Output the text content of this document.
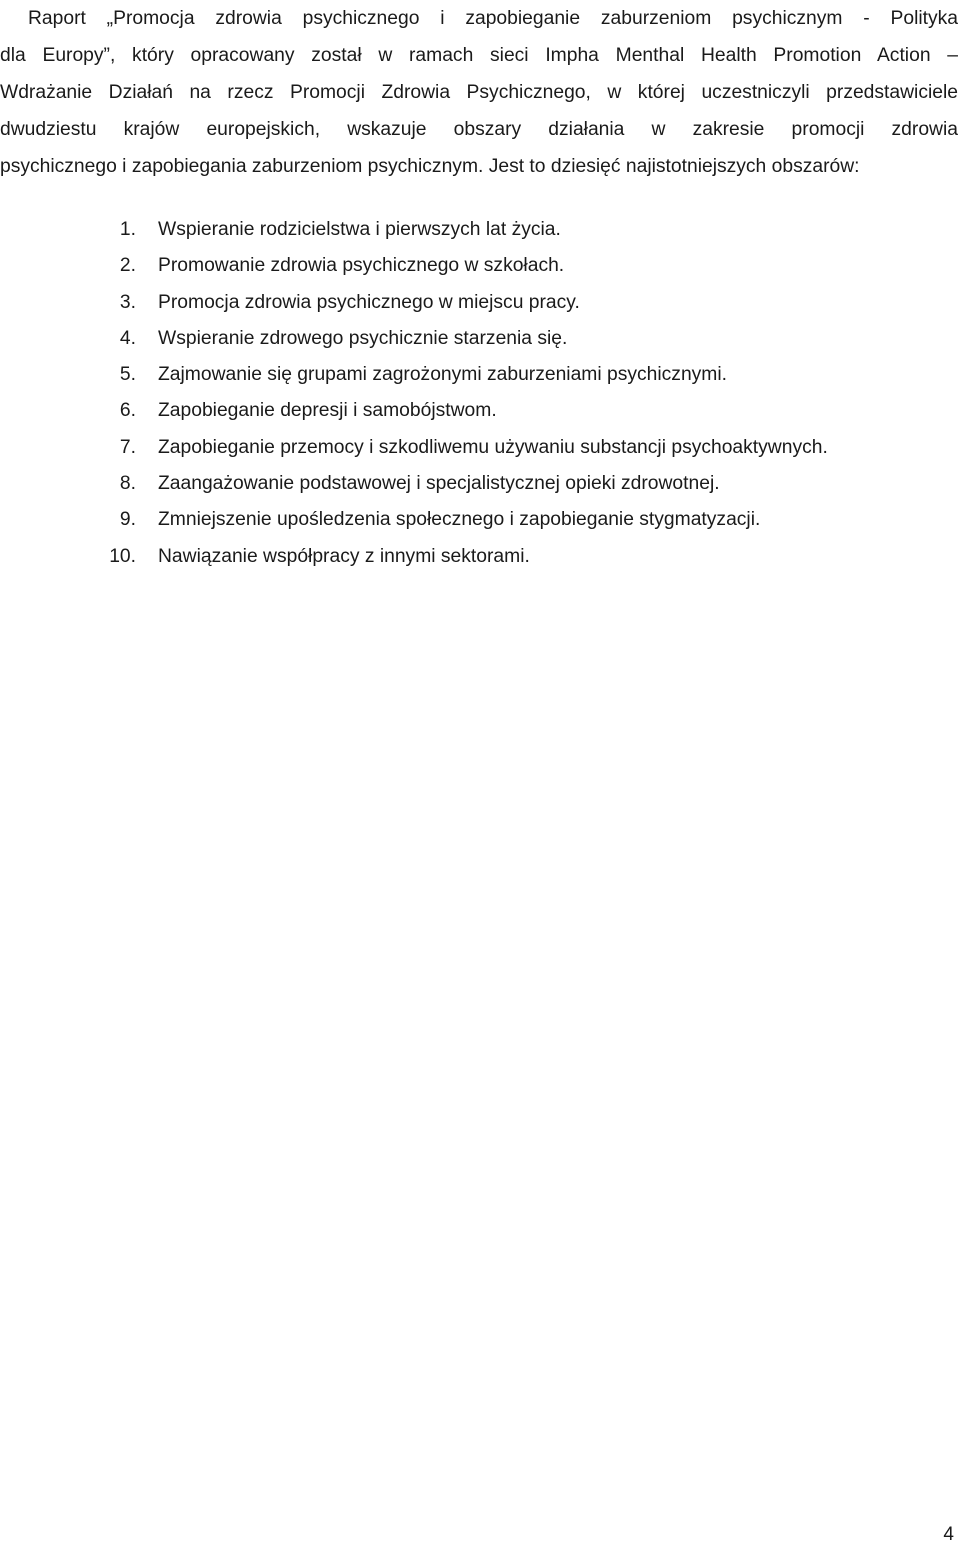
Raport „Promocja zdrowia psychicznego i zapobieganie zaburzeniom psychicznym - Polityka
dla Europy”, który opracowany został w ramach sieci Impha Menthal Health Promotion Action –
Wdrażanie Działań na rzecz Promocji Zdrowia Psychicznego, w której uczestniczyli przedstawiciele
dwudziestu krajów europejskich, wskazuje obszary działania w zakresie promocji zdrowia
psychicznego i zapobiegania zaburzeniom psychicznym. Jest to dziesięć najistotniejszych obszarów:

1. Wspieranie rodzicielstwa i pierwszych lat życia.
2. Promowanie zdrowia psychicznego w szkołach.
3. Promocja zdrowia psychicznego w miejscu pracy.
4. Wspieranie zdrowego psychicznie starzenia się.
5. Zajmowanie się grupami zagrożonymi zaburzeniami psychicznymi.
6. Zapobieganie depresji i samobójstwom.
7. Zapobieganie przemocy i szkodliwemu używaniu substancji psychoaktywnych.
8. Zaangażowanie podstawowej i specjalistycznej opieki zdrowotnej.
9. Zmniejszenie upośledzenia społecznego i zapobieganie stygmatyzacji.
10. Nawiązanie współpracy z innymi sektorami.
4
